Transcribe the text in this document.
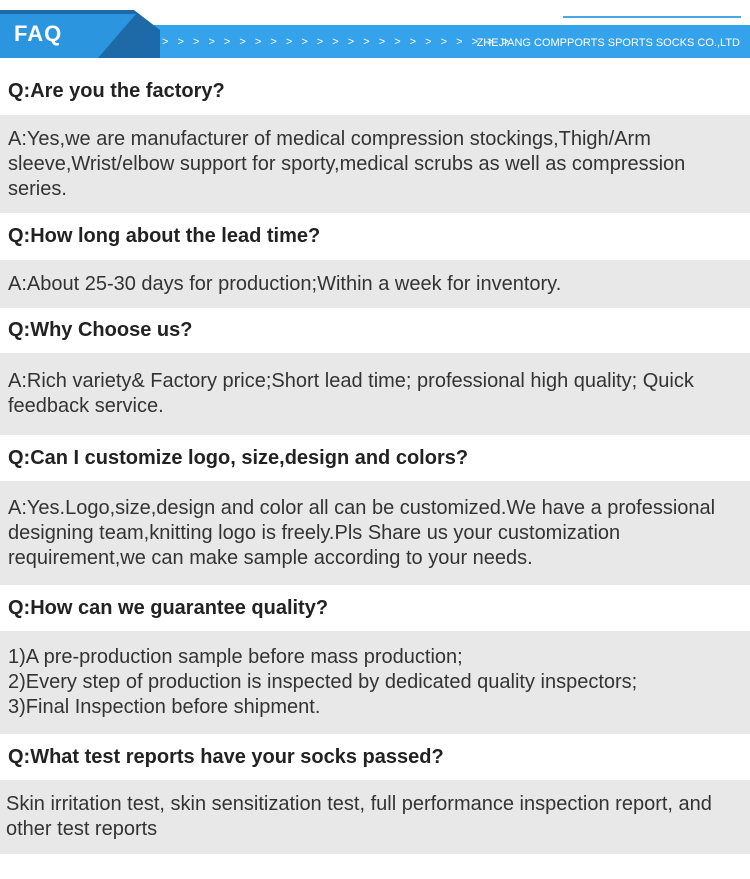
FAQ	> > > > > > > > > > > > > > > > > > > > > > >
ZHEJIANG COMPPORTS SPORTS SOCKS CO.,LTD
Q:Are you the factory?
A:Yes,we are manufacturer of medical compression stockings,Thigh/Arm sleeve,Wrist/elbow support for sporty,medical scrubs as well as compression series.
Q:How long about the lead time?
A:About 25-30 days for production;Within a week for inventory.
Q:Why Choose us?
A:Rich variety& Factory price;Short lead time; professional high quality; Quick feedback service.
Q:Can I customize logo, size,design and colors?
A:Yes.Logo,size,design and color all can be customized.We have a professional designing team,knitting logo is freely.Pls Share us your customization requirement,we can make sample according to your needs.
Q:How can we guarantee quality?
1)A pre-production sample before mass production;
2)Every step of production is inspected by dedicated quality inspectors;
3)Final Inspection before shipment.
Q:What test reports have your socks passed?
Skin irritation test, skin sensitization test, full performance inspection report, and other test reports
